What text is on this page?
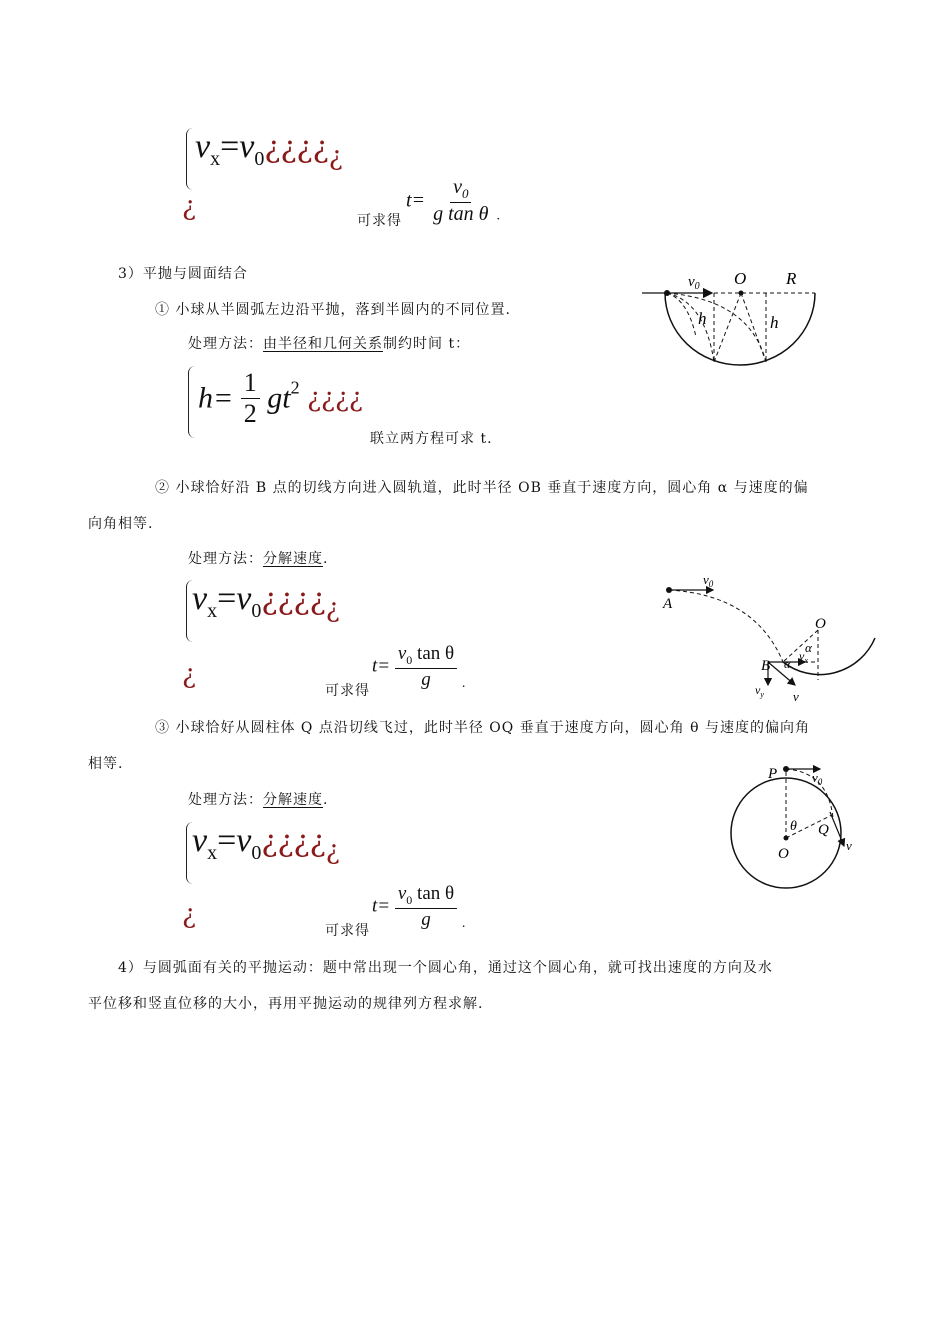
$v_x=v_0¿¿¿¿_¿$
¿	可求得
$t= \frac{v_0}{\text{g tan θ}} _.$
3）平抛与圆面结合
① 小球从半圆弧左边沿平抛，落到半圆内的不同位置.
处理方法：由半径和几何关系制约时间 t：
$h= \frac{1}{2} gt^2$ ¿¿¿¿
联立两方程可求 t.
② 小球恰好沿 B 点的切线方向进入圆轨道，此时半径 OB 垂直于速度方向，圆心角 α 与速度的偏
向角相等.
处理方法：分解速度.
$v_x=v_0¿¿¿¿_¿$
¿
可求得
$t= \frac{v_0 \tan \theta}{g} _.$
③ 小球恰好从圆柱体 Q 点沿切线飞过，此时半径 OQ 垂直于速度方向，圆心角 θ 与速度的偏向角
相等.
处理方法：分解速度.
$v_x=v_0¿¿¿¿_¿$
¿
可求得
$t= \frac{v_0 \tan \theta}{g} _.$
4）与圆弧面有关的平抛运动：题中常出现一个圆心角，通过这个圆心角，就可找出速度的方向及水
平位移和竖直位移的大小，再用平抛运动的规律列方程求解.
$v_0$ O R
h	h
$v_0$
A
O
B
α
α
$v_x$
$v_y$ v
P	$v_0$
θ Q
O
v
